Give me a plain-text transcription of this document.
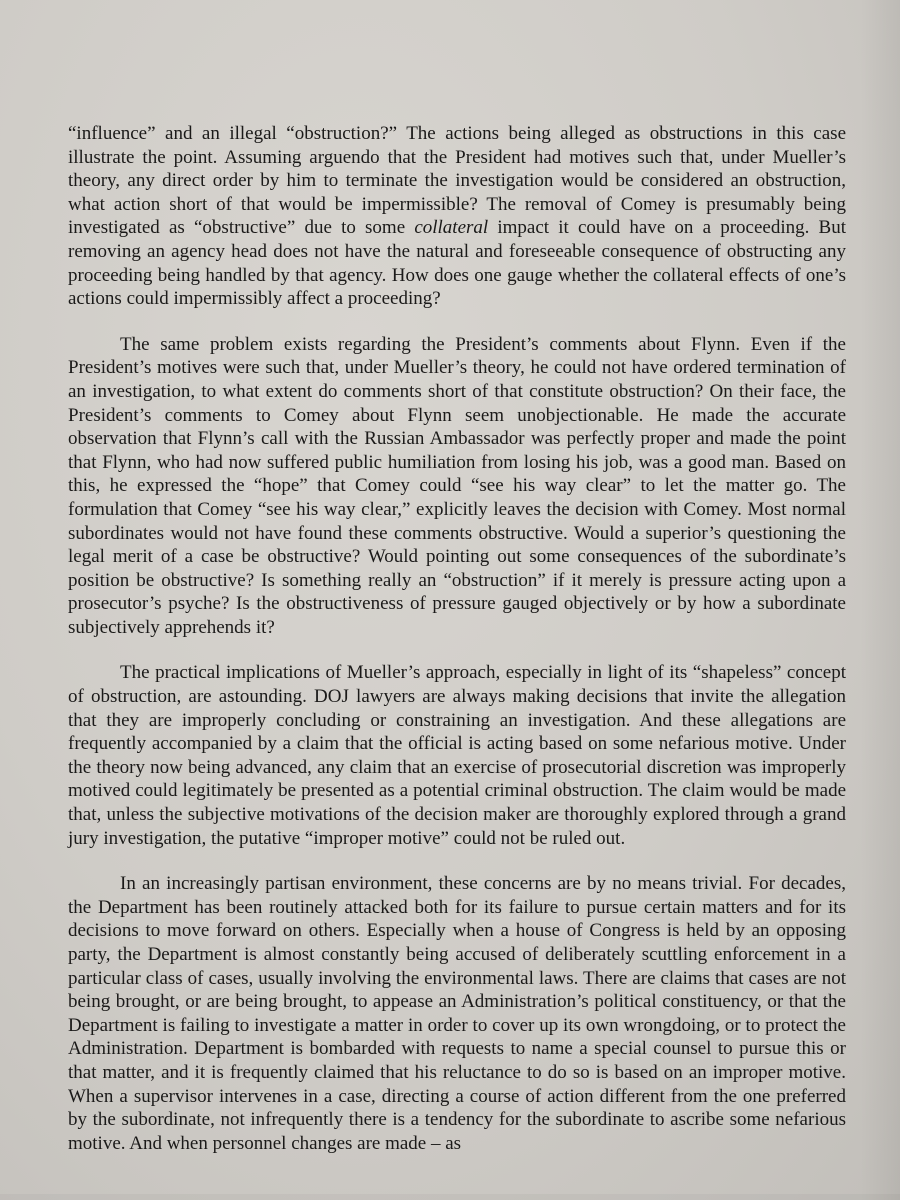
“influence” and an illegal “obstruction?” The actions being alleged as obstructions in this case illustrate the point. Assuming arguendo that the President had motives such that, under Mueller’s theory, any direct order by him to terminate the investigation would be considered an obstruction, what action short of that would be impermissible? The removal of Comey is presumably being investigated as “obstructive” due to some collateral impact it could have on a proceeding. But removing an agency head does not have the natural and foreseeable consequence of obstructing any proceeding being handled by that agency. How does one gauge whether the collateral effects of one’s actions could impermissibly affect a proceeding?

The same problem exists regarding the President’s comments about Flynn. Even if the President’s motives were such that, under Mueller’s theory, he could not have ordered termination of an investigation, to what extent do comments short of that constitute obstruction? On their face, the President’s comments to Comey about Flynn seem unobjectionable. He made the accurate observation that Flynn’s call with the Russian Ambassador was perfectly proper and made the point that Flynn, who had now suffered public humiliation from losing his job, was a good man. Based on this, he expressed the “hope” that Comey could “see his way clear” to let the matter go. The formulation that Comey “see his way clear,” explicitly leaves the decision with Comey. Most normal subordinates would not have found these comments obstructive. Would a superior’s questioning the legal merit of a case be obstructive? Would pointing out some consequences of the subordinate’s position be obstructive? Is something really an “obstruction” if it merely is pressure acting upon a prosecutor’s psyche? Is the obstructiveness of pressure gauged objectively or by how a subordinate subjectively apprehends it?

The practical implications of Mueller’s approach, especially in light of its “shapeless” concept of obstruction, are astounding. DOJ lawyers are always making decisions that invite the allegation that they are improperly concluding or constraining an investigation. And these allegations are frequently accompanied by a claim that the official is acting based on some nefarious motive. Under the theory now being advanced, any claim that an exercise of prosecutorial discretion was improperly motived could legitimately be presented as a potential criminal obstruction. The claim would be made that, unless the subjective motivations of the decision maker are thoroughly explored through a grand jury investigation, the putative “improper motive” could not be ruled out.

In an increasingly partisan environment, these concerns are by no means trivial. For decades, the Department has been routinely attacked both for its failure to pursue certain matters and for its decisions to move forward on others. Especially when a house of Congress is held by an opposing party, the Department is almost constantly being accused of deliberately scuttling enforcement in a particular class of cases, usually involving the environmental laws. There are claims that cases are not being brought, or are being brought, to appease an Administration’s political constituency, or that the Department is failing to investigate a matter in order to cover up its own wrongdoing, or to protect the Administration. Department is bombarded with requests to name a special counsel to pursue this or that matter, and it is frequently claimed that his reluctance to do so is based on an improper motive. When a supervisor intervenes in a case, directing a course of action different from the one preferred by the subordinate, not infrequently there is a tendency for the subordinate to ascribe some nefarious motive. And when personnel changes are made – as
